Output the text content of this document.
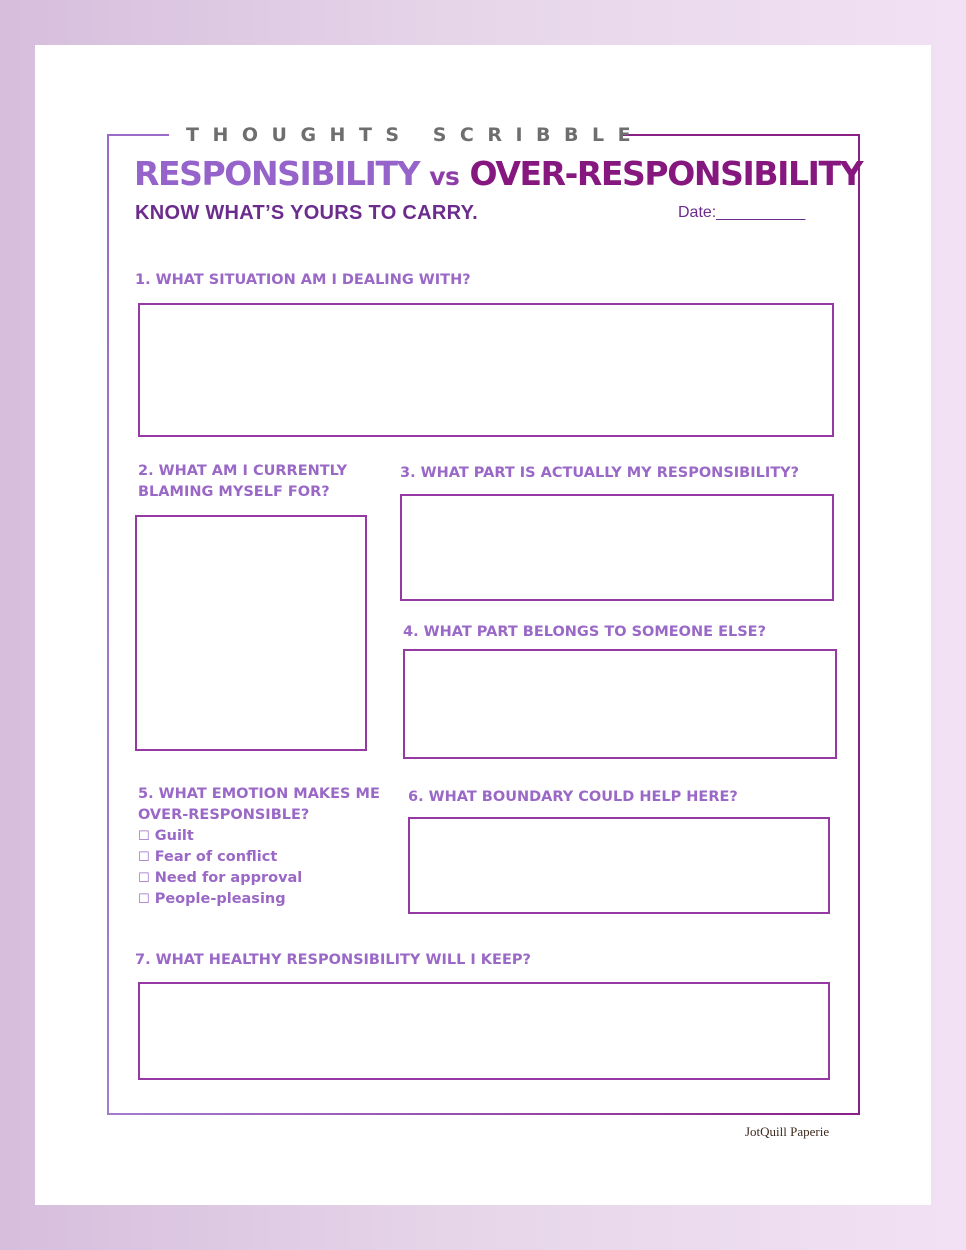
THOUGHTS SCRIBBLE
RESPONSIBILITY vs OVER-RESPONSIBILITY
KNOW WHAT’S YOURS TO CARRY.	Date:__________
1. WHAT SITUATION AM I DEALING WITH?
2. WHAT AM I CURRENTLY
BLAMING MYSELF FOR?
3. WHAT PART IS ACTUALLY MY RESPONSIBILITY?
4. WHAT PART BELONGS TO SOMEONE ELSE?
5. WHAT EMOTION MAKES ME
OVER-RESPONSIBLE?
☐ Guilt
☐ Fear of conflict
☐ Need for approval
☐ People-pleasing
6. WHAT BOUNDARY COULD HELP HERE?
7. WHAT HEALTHY RESPONSIBILITY WILL I KEEP?
JotQuill Paperie
